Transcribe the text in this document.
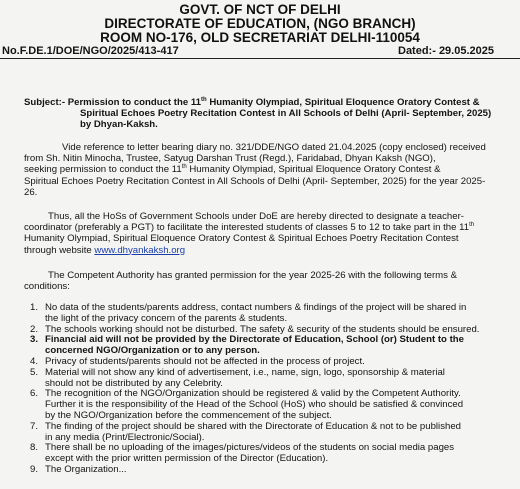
GOVT. OF NCT OF DELHI
DIRECTORATE OF EDUCATION, (NGO BRANCH)
ROOM NO-176, OLD SECRETARIAT DELHI-110054
No.F.DE.1/DOE/NGO/2025/413-417	Dated:- 29.05.2025
Subject:- Permission to conduct the 11th Humanity Olympiad, Spiritual Eloquence Oratory Contest &
Spiritual Echoes Poetry Recitation Contest in All Schools of Delhi (April- September, 2025)
by Dhyan-Kaksh.
Vide reference to letter bearing diary no. 321/DDE/NGO dated 21.04.2025 (copy enclosed) received
from Sh. Nitin Minocha, Trustee, Satyug Darshan Trust (Regd.), Faridabad, Dhyan Kaksh (NGO),
seeking permission to conduct the 11th Humanity Olympiad, Spiritual Eloquence Oratory Contest &
Spiritual Echoes Poetry Recitation Contest in All Schools of Delhi (April- September, 2025) for the year 2025-
26.
Thus, all the HoSs of Government Schools under DoE are hereby directed to designate a teacher-
coordinator (preferably a PGT) to facilitate the interested students of classes 5 to 12 to take part in the 11th
Humanity Olympiad, Spiritual Eloquence Oratory Contest & Spiritual Echoes Poetry Recitation Contest
through website www.dhyankaksh.org
The Competent Authority has granted permission for the year 2025-26 with the following terms &
conditions:
1. No data of the students/parents address, contact numbers & findings of the project will be shared in
the light of the privacy concern of the parents & students.
2. The schools working should not be disturbed. The safety & security of the students should be ensured.
3. Financial aid will not be provided by the Directorate of Education, School (or) Student to the
concerned NGO/Organization or to any person.
4. Privacy of students/parents should not be affected in the process of project.
5. Material will not show any kind of advertisement, i.e., name, sign, logo, sponsorship & material
should not be distributed by any Celebrity.
6. The recognition of the NGO/Organization should be registered & valid by the Competent Authority.
Further it is the responsibility of the Head of the School (HoS) who should be satisfied & convinced
by the NGO/Organization before the commencement of the subject.
7. The finding of the project should be shared with the Directorate of Education & not to be published
in any media (Print/Electronic/Social).
8. There shall be no uploading of the images/pictures/videos of the students on social media pages
except with the prior written permission of the Director (Education).
9. The Organization...
